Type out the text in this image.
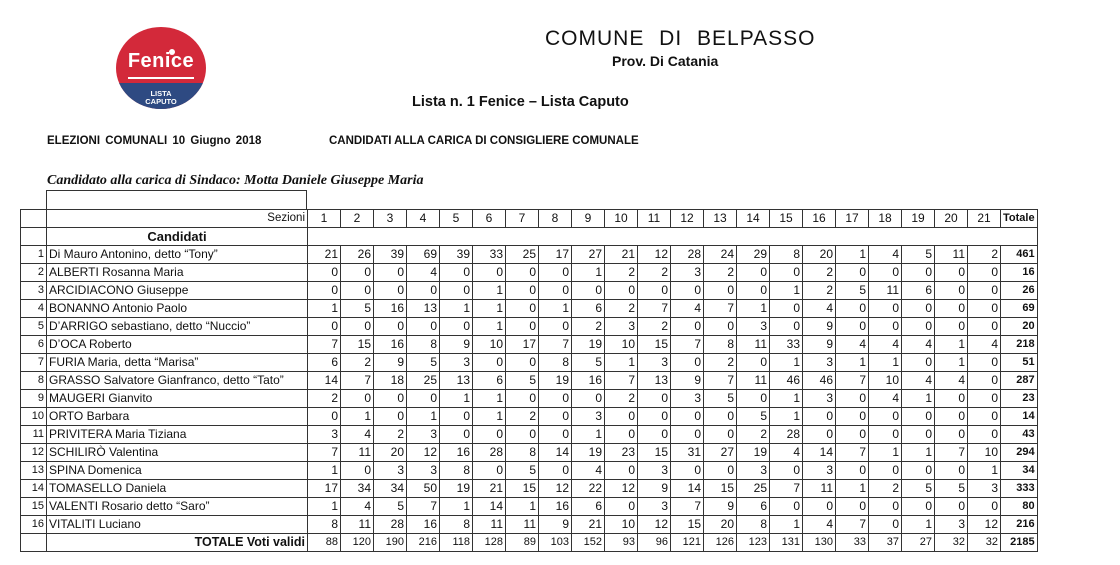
Fenice
LISTA
CAPUTO
COMUNE DI BELPASSO
Prov. Di Catania
Lista n. 1 Fenice – Lista Caputo
ELEZIONI COMUNALI 10 Giugno 2018	CANDIDATI ALLA CARICA DI CONSIGLIERE COMUNALE
Candidato alla carica di Sindaco: Motta Daniele Giuseppe Maria
	Sezioni	1	2	3	4	5	6	7	8	9	10	11	12	13	14	15	16	17	18	19	20	21	Totale
	Candidati																						
1	Di Mauro Antonino, detto “Tony”	21	26	39	69	39	33	25	17	27	21	12	28	24	29	8	20	1	4	5	11	2	461
2	ALBERTI Rosanna Maria	0	0	0	4	0	0	0	0	1	2	2	3	2	0	0	2	0	0	0	0	0	16
3	ARCIDIACONO Giuseppe	0	0	0	0	0	1	0	0	0	0	0	0	0	0	1	2	5	11	6	0	0	26
4	BONANNO Antonio Paolo	1	5	16	13	1	1	0	1	6	2	7	4	7	1	0	4	0	0	0	0	0	69
5	D’ARRIGO sebastiano, detto “Nuccio”	0	0	0	0	0	1	0	0	2	3	2	0	0	3	0	9	0	0	0	0	0	20
6	D’OCA Roberto	7	15	16	8	9	10	17	7	19	10	15	7	8	11	33	9	4	4	4	1	4	218
7	FURIA Maria, detta “Marisa”	6	2	9	5	3	0	0	8	5	1	3	0	2	0	1	3	1	1	0	1	0	51
8	GRASSO Salvatore Gianfranco, detto “Tato”	14	7	18	25	13	6	5	19	16	7	13	9	7	11	46	46	7	10	4	4	0	287
9	MAUGERI Gianvito	2	0	0	0	1	1	0	0	0	2	0	3	5	0	1	3	0	4	1	0	0	23
10	ORTO Barbara	0	1	0	1	0	1	2	0	3	0	0	0	0	5	1	0	0	0	0	0	0	14
11	PRIVITERA Maria Tiziana	3	4	2	3	0	0	0	0	1	0	0	0	0	2	28	0	0	0	0	0	0	43
12	SCHILIRÒ Valentina	7	11	20	12	16	28	8	14	19	23	15	31	27	19	4	14	7	1	1	7	10	294
13	SPINA Domenica	1	0	3	3	8	0	5	0	4	0	3	0	0	3	0	3	0	0	0	0	1	34
14	TOMASELLO Daniela	17	34	34	50	19	21	15	12	22	12	9	14	15	25	7	11	1	2	5	5	3	333
15	VALENTI Rosario detto “Saro”	1	4	5	7	1	14	1	16	6	0	3	7	9	6	0	0	0	0	0	0	0	80
16	VITALITI Luciano	8	11	28	16	8	11	11	9	21	10	12	15	20	8	1	4	7	0	1	3	12	216
	TOTALE Voti validi	88	120	190	216	118	128	89	103	152	93	96	121	126	123	131	130	33	37	27	32	32	2185
